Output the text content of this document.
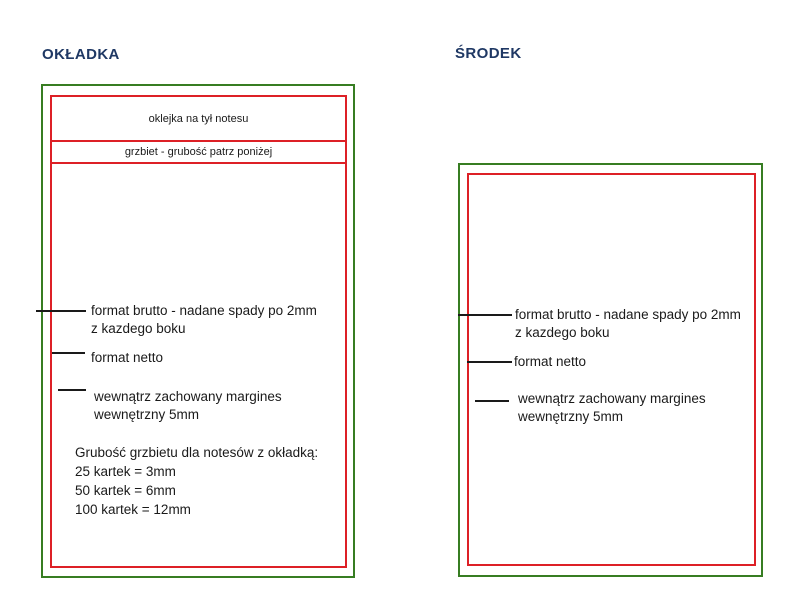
OKŁADKA
oklejka na tył notesu
grzbiet - grubość patrz poniżej
format brutto - nadane spady po 2mm
z kazdego boku
format netto
wewnątrz zachowany margines
wewnętrzny 5mm
Grubość grzbietu dla notesów z okładką:
25 kartek = 3mm
50 kartek = 6mm
100 kartek = 12mm
ŚRODEK
format brutto - nadane spady po 2mm
z kazdego boku
format netto
wewnątrz zachowany margines
wewnętrzny 5mm
